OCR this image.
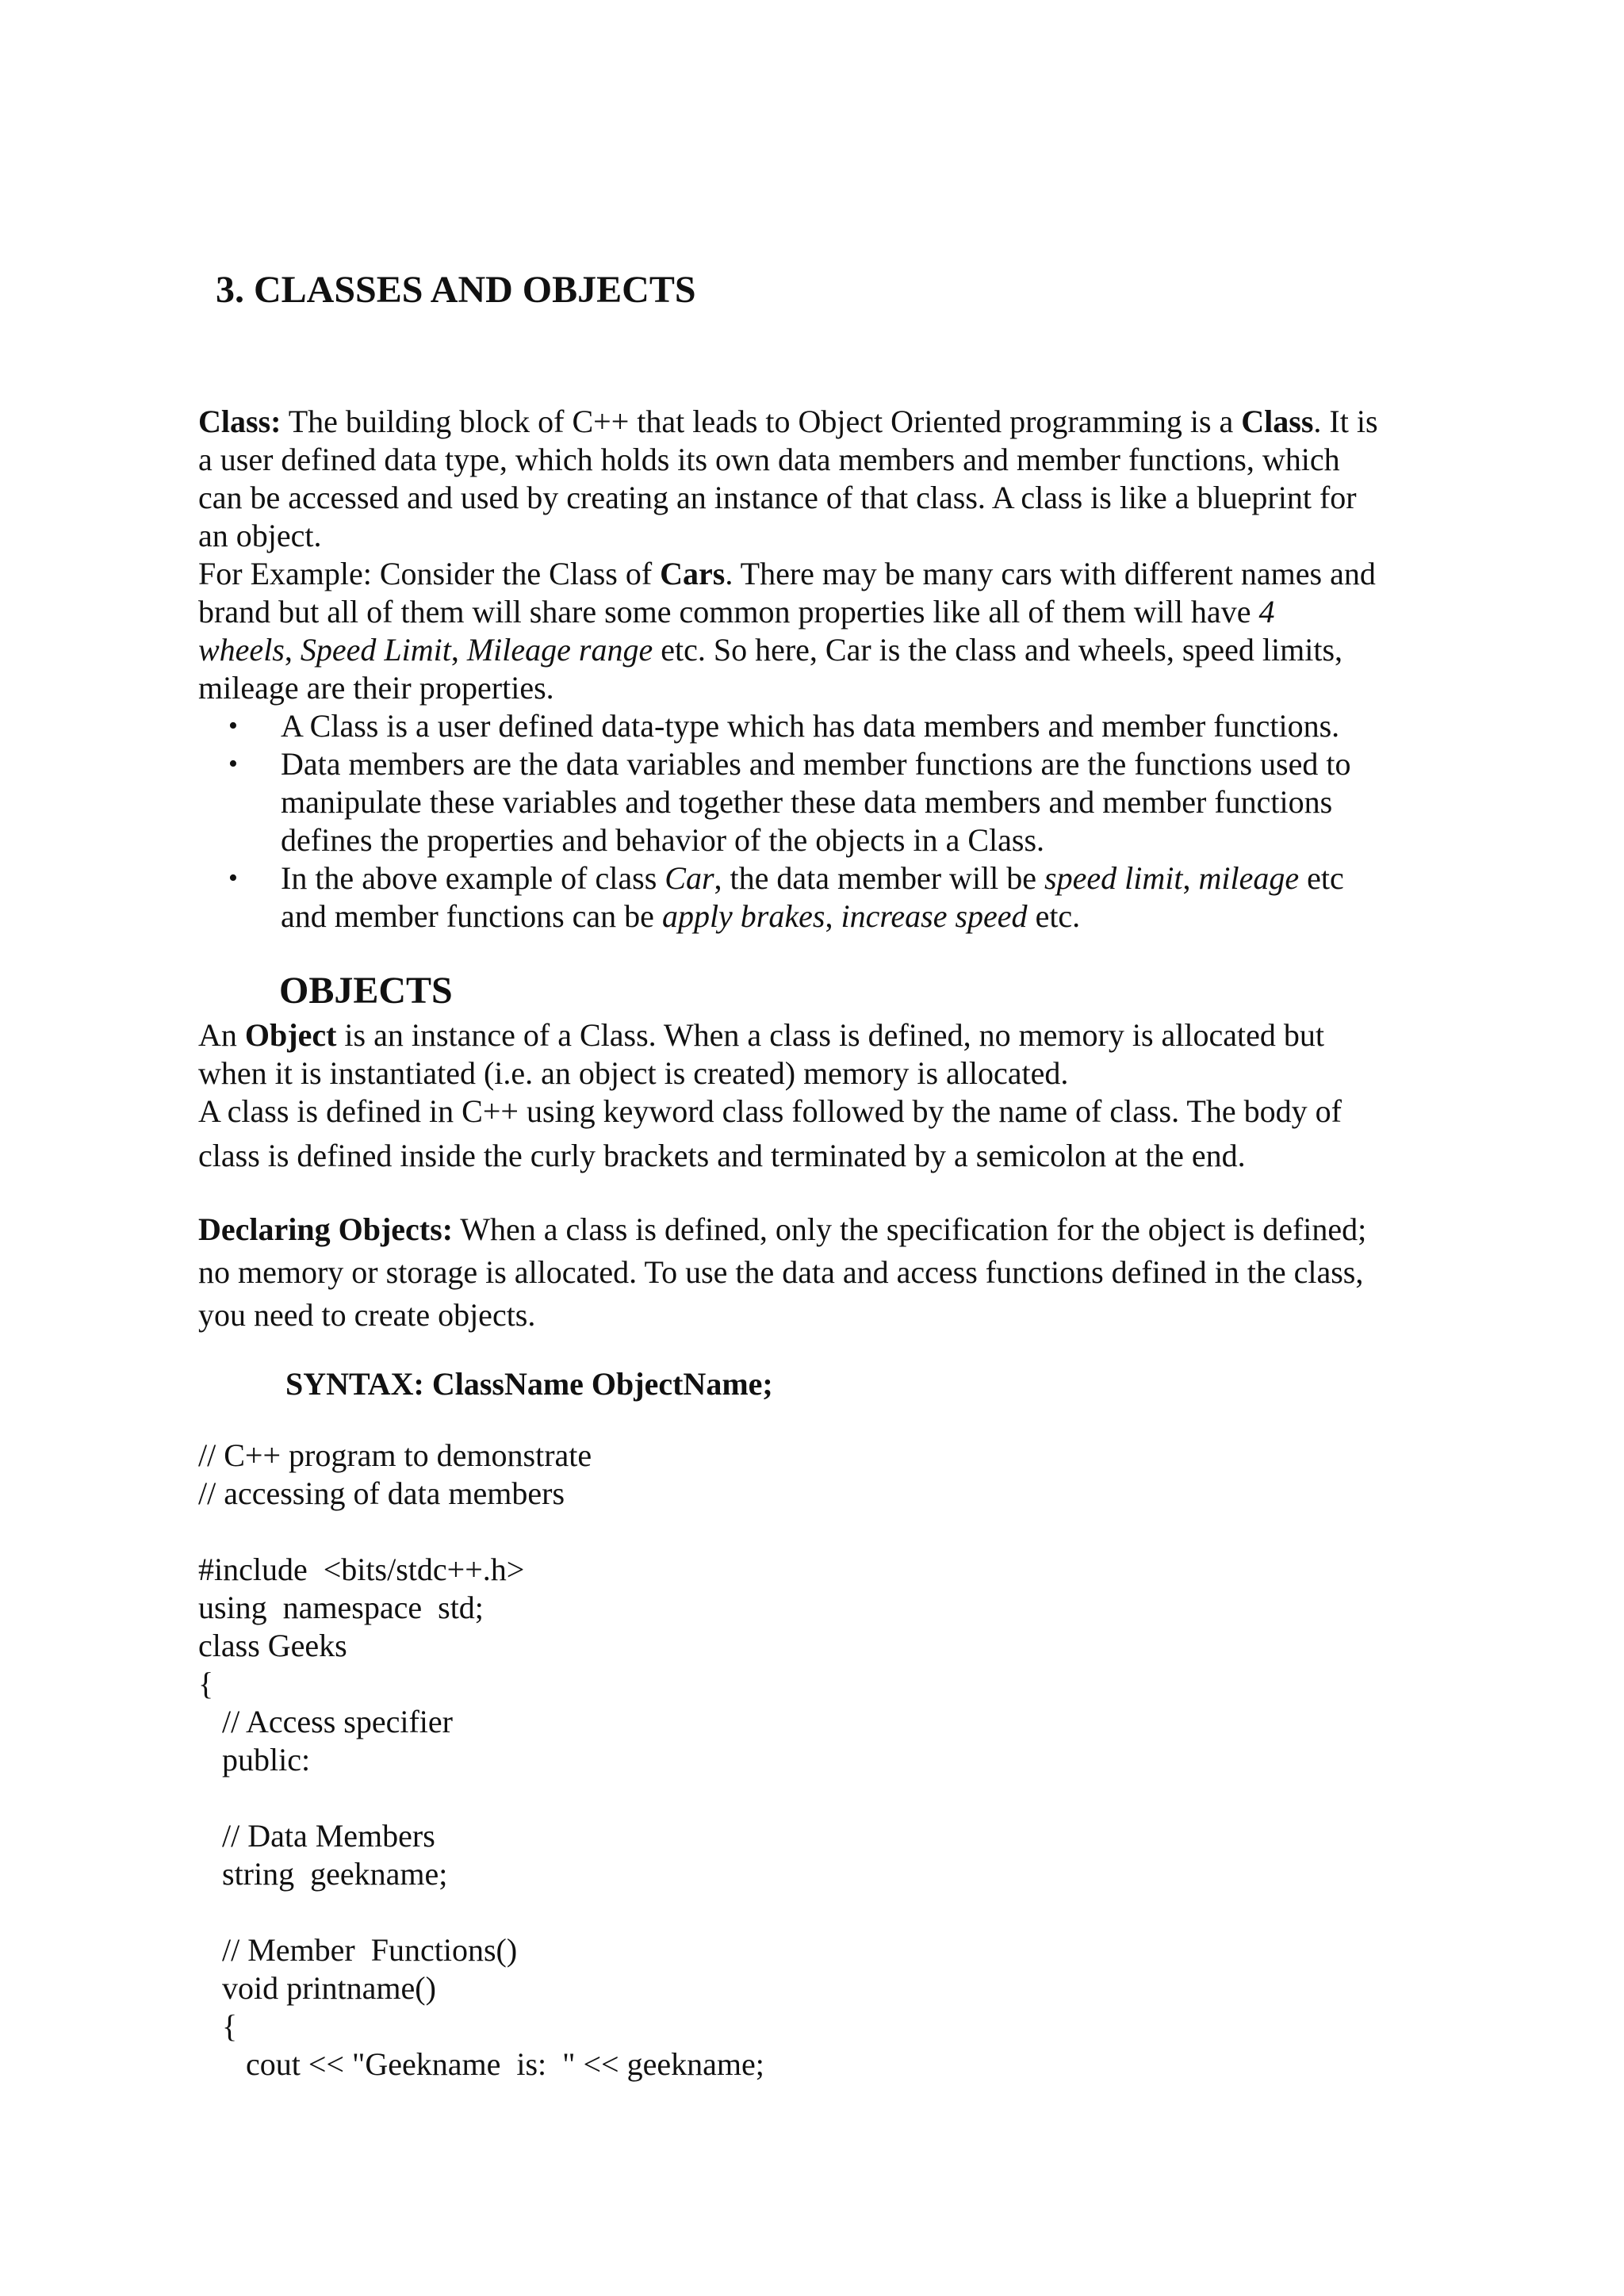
3. CLASSES AND OBJECTS
Class: The building block of C++ that leads to Object Oriented programming is a Class. It is
a user defined data type, which holds its own data members and member functions, which
can be accessed and used by creating an instance of that class. A class is like a blueprint for
an object.
For Example: Consider the Class of Cars. There may be many cars with different names and
brand but all of them will share some common properties like all of them will have 4
wheels, Speed Limit, Mileage range etc. So here, Car is the class and wheels, speed limits,
mileage are their properties.
• A Class is a user defined data-type which has data members and member functions.
• Data members are the data variables and member functions are the functions used to
manipulate these variables and together these data members and member functions
defines the properties and behavior of the objects in a Class.
• In the above example of class Car, the data member will be speed limit, mileage etc
and member functions can be apply brakes, increase speed etc.
OBJECTS
An Object is an instance of a Class. When a class is defined, no memory is allocated but
when it is instantiated (i.e. an object is created) memory is allocated.
A class is defined in C++ using keyword class followed by the name of class. The body of
class is defined inside the curly brackets and terminated by a semicolon at the end.
Declaring Objects: When a class is defined, only the specification for the object is defined;
no memory or storage is allocated. To use the data and access functions defined in the class,
you need to create objects.
SYNTAX: ClassName ObjectName;
// C++ program to demonstrate
// accessing of data members
#include  <bits/stdc++.h>
using  namespace  std;
class Geeks
{
// Access specifier
public:

// Data Members
string  geekname;

// Member  Functions()
void printname()
{
cout << "Geekname  is:  " << geekname;
